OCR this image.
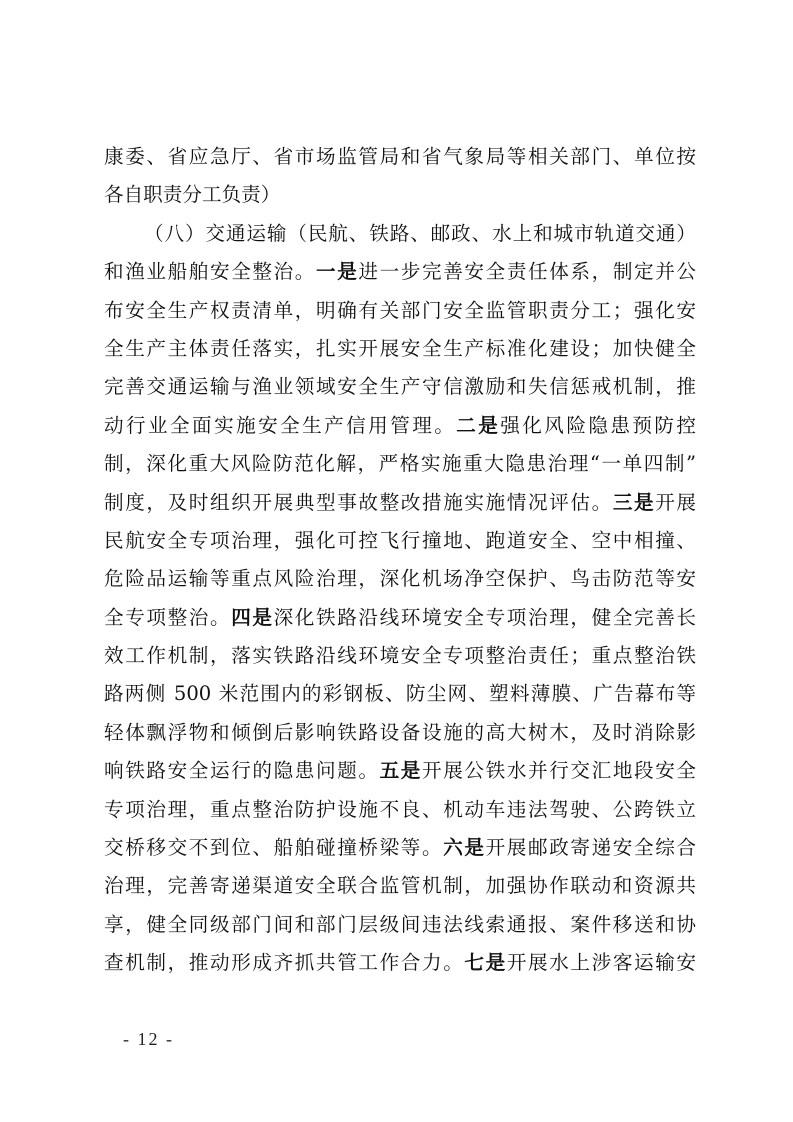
康委、省应急厅、省市场监管局和省气象局等相关部门、单位按
各自职责分工负责）
（八）交通运输（民航、铁路、邮政、水上和城市轨道交通）
和渔业船舶安全整治。一是进一步完善安全责任体系，制定并公
布安全生产权责清单，明确有关部门安全监管职责分工；强化安
全生产主体责任落实，扎实开展安全生产标准化建设；加快健全
完善交通运输与渔业领域安全生产守信激励和失信惩戒机制，推
动行业全面实施安全生产信用管理。二是强化风险隐患预防控
制，深化重大风险防范化解，严格实施重大隐患治理“一单四制”
制度，及时组织开展典型事故整改措施实施情况评估。三是开展
民航安全专项治理，强化可控飞行撞地、跑道安全、空中相撞、
危险品运输等重点风险治理，深化机场净空保护、鸟击防范等安
全专项整治。四是深化铁路沿线环境安全专项治理，健全完善长
效工作机制，落实铁路沿线环境安全专项整治责任；重点整治铁
路两侧 500 米范围内的彩钢板、防尘网、塑料薄膜、广告幕布等
轻体飘浮物和倾倒后影响铁路设备设施的高大树木，及时消除影
响铁路安全运行的隐患问题。五是开展公铁水并行交汇地段安全
专项治理，重点整治防护设施不良、机动车违法驾驶、公跨铁立
交桥移交不到位、船舶碰撞桥梁等。六是开展邮政寄递安全综合
治理，完善寄递渠道安全联合监管机制，加强协作联动和资源共
享，健全同级部门间和部门层级间违法线索通报、案件移送和协
查机制，推动形成齐抓共管工作合力。七是开展水上涉客运输安
- 12 -
